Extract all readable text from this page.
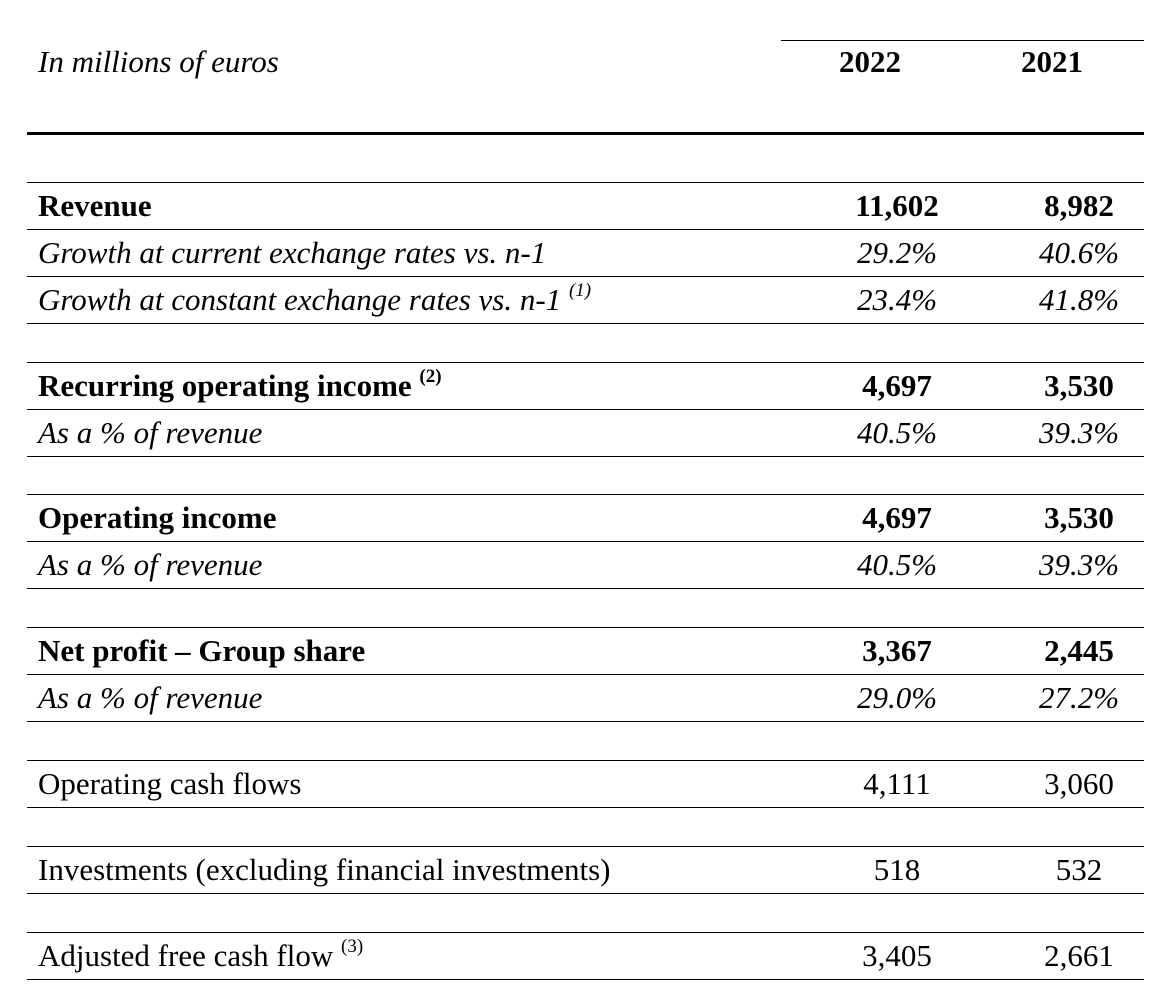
In millions of euros	2022	2021
Revenue	11,602	8,982
Growth at current exchange rates vs. n-1	29.2%	40.6%
Growth at constant exchange rates vs. n-1 $^{(1)}$	23.4%	41.8%
Recurring operating income $^{(2)}$	4,697	3,530
As a % of revenue	40.5%	39.3%
Operating income	4,697	3,530
As a % of revenue	40.5%	39.3%
Net profit – Group share	3,367	2,445
As a % of revenue	29.0%	27.2%
Operating cash flows	4,111	3,060
Investments (excluding financial investments)	518	532
Adjusted free cash flow $^{(3)}$	3,405	2,661
